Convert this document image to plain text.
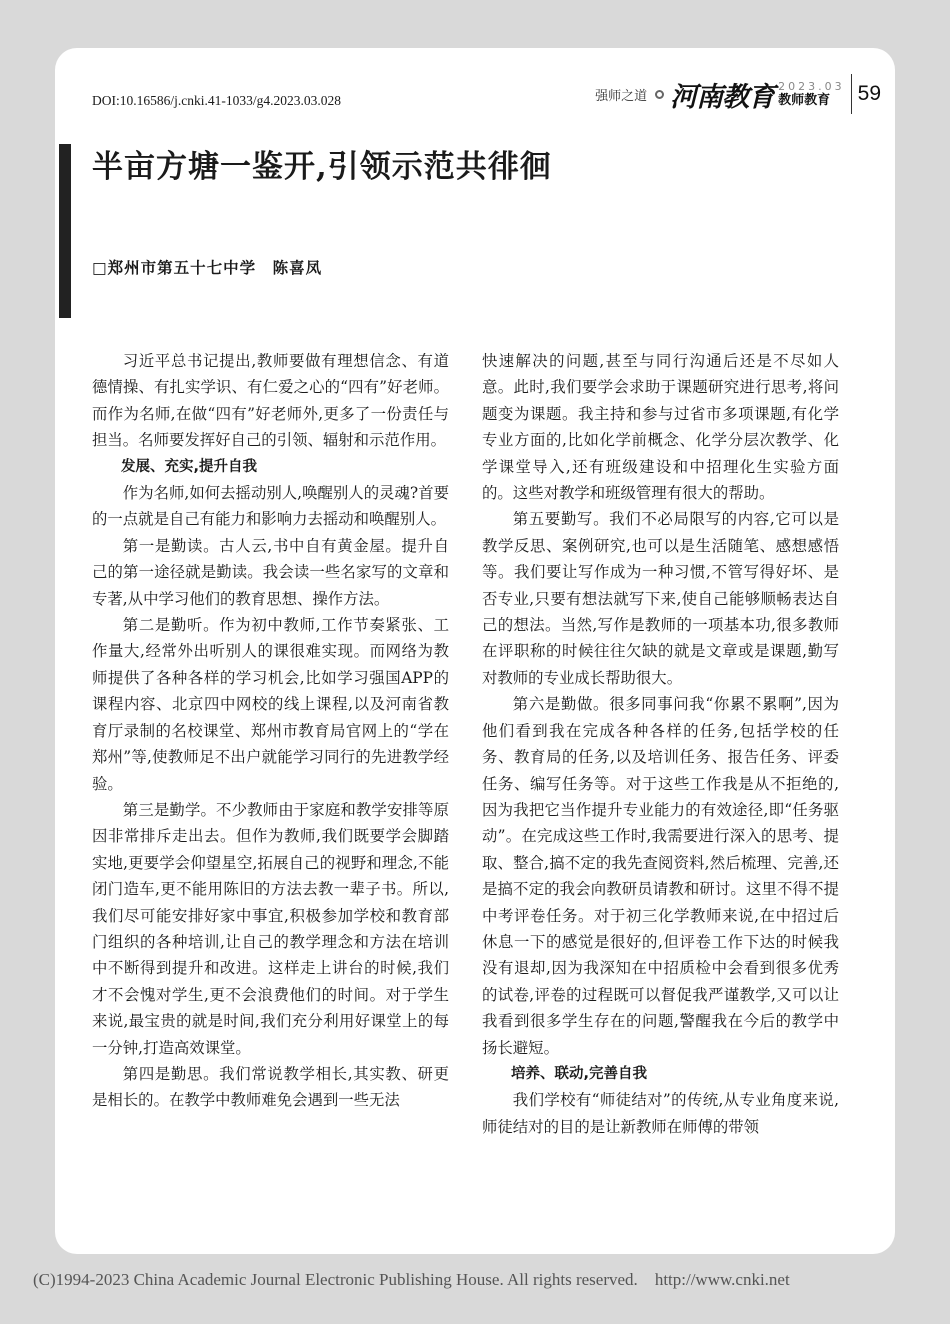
DOI:10.16586/j.cnki.41-1033/g4.2023.03.028	强师之道 河南教育 2023.03
教师教育	59
半亩方塘一鉴开,引领示范共徘徊
□郑州市第五十七中学　陈喜凤

习近平总书记提出,教师要做有理想信念、有道德情操、有扎实学识、有仁爱之心的“四有”好老师。而作为名师,在做“四有”好老师外,更多了一份责任与担当。名师要发挥好自己的引领、辐射和示范作用。

发展、充实,提升自我

作为名师,如何去摇动别人,唤醒别人的灵魂?首要的一点就是自己有能力和影响力去摇动和唤醒别人。

第一是勤读。古人云,书中自有黄金屋。提升自己的第一途径就是勤读。我会读一些名家写的文章和专著,从中学习他们的教育思想、操作方法。

第二是勤听。作为初中教师,工作节奏紧张、工作量大,经常外出听别人的课很难实现。而网络为教师提供了各种各样的学习机会,比如学习强国APP的课程内容、北京四中网校的线上课程,以及河南省教育厅录制的名校课堂、郑州市教育局官网上的“学在郑州”等,使教师足不出户就能学习同行的先进教学经验。

第三是勤学。不少教师由于家庭和教学安排等原因非常排斥走出去。但作为教师,我们既要学会脚踏实地,更要学会仰望星空,拓展自己的视野和理念,不能闭门造车,更不能用陈旧的方法去教一辈子书。所以,我们尽可能安排好家中事宜,积极参加学校和教育部门组织的各种培训,让自己的教学理念和方法在培训中不断得到提升和改进。这样走上讲台的时候,我们才不会愧对学生,更不会浪费他们的时间。对于学生来说,最宝贵的就是时间,我们充分利用好课堂上的每一分钟,打造高效课堂。

第四是勤思。我们常说教学相长,其实教、研更是相长的。在教学中教师难免会遇到一些无法

快速解决的问题,甚至与同行沟通后还是不尽如人意。此时,我们要学会求助于课题研究进行思考,将问题变为课题。我主持和参与过省市多项课题,有化学专业方面的,比如化学前概念、化学分层次教学、化学课堂导入,还有班级建设和中招理化生实验方面的。这些对教学和班级管理有很大的帮助。

第五要勤写。我们不必局限写的内容,它可以是教学反思、案例研究,也可以是生活随笔、感想感悟等。我们要让写作成为一种习惯,不管写得好坏、是否专业,只要有想法就写下来,使自己能够顺畅表达自己的想法。当然,写作是教师的一项基本功,很多教师在评职称的时候往往欠缺的就是文章或是课题,勤写对教师的专业成长帮助很大。

第六是勤做。很多同事问我“你累不累啊”,因为他们看到我在完成各种各样的任务,包括学校的任务、教育局的任务,以及培训任务、报告任务、评委任务、编写任务等。对于这些工作我是从不拒绝的,因为我把它当作提升专业能力的有效途径,即“任务驱动”。在完成这些工作时,我需要进行深入的思考、提取、整合,搞不定的我先查阅资料,然后梳理、完善,还是搞不定的我会向教研员请教和研讨。这里不得不提中考评卷任务。对于初三化学教师来说,在中招过后休息一下的感觉是很好的,但评卷工作下达的时候我没有退却,因为我深知在中招质检中会看到很多优秀的试卷,评卷的过程既可以督促我严谨教学,又可以让我看到很多学生存在的问题,警醒我在今后的教学中扬长避短。

培养、联动,完善自我

我们学校有“师徒结对”的传统,从专业角度来说,师徒结对的目的是让新教师在师傅的带领

(C)1994-2023 China Academic Journal Electronic Publishing House. All rights reserved. http://www.cnki.net
